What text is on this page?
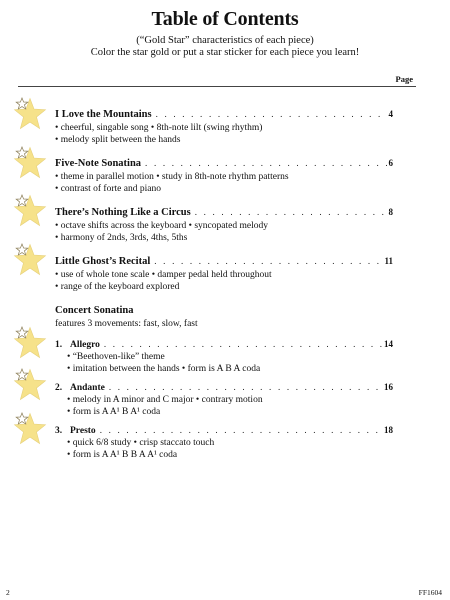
Table of Contents
(“Gold Star” characteristics of each piece)
Color the star gold or put a star sticker for each piece you learn!
Page
I Love the Mountains . . .	4
• cheerful, singable song • 8th-note lilt (swing rhythm)
• melody split between the hands
Five-Note Sonatina . . .	6
• theme in parallel motion • study in 8th-note rhythm patterns
• contrast of forte and piano
There’s Nothing Like a Circus . . .	8
• octave shifts across the keyboard • syncopated melody
• harmony of 2nds, 3rds, 4ths, 5ths
Little Ghost’s Recital . . .	11
• use of whole tone scale • damper pedal held throughout
• range of the keyboard explored
Concert Sonatina
features 3 movements: fast, slow, fast
1. Allegro . . .	14
• “Beethoven-like” theme
• imitation between the hands • form is A B A coda
2. Andante . . .	16
• melody in A minor and C major • contrary motion
• form is A A¹ B A¹ coda
3. Presto . . .	18
• quick 6/8 study • crisp staccato touch
• form is A A¹ B B A A¹ coda
2	FF1604
